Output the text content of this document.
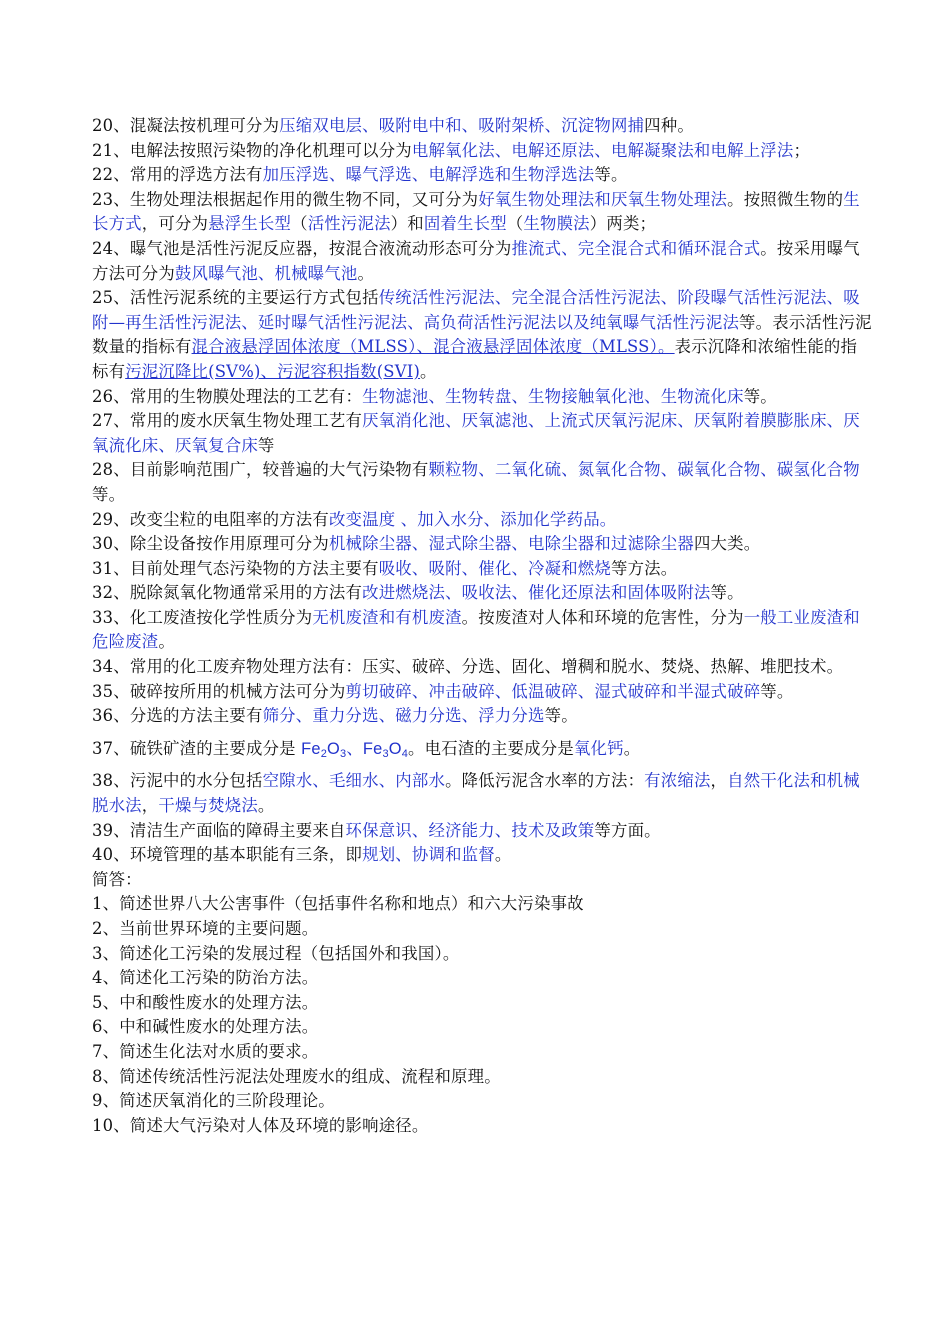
20、混凝法按机理可分为压缩双电层、吸附电中和、吸附架桥、沉淀物网捕四种。

21、电解法按照污染物的净化机理可以分为电解氧化法、电解还原法、电解凝聚法和电解上浮法；

22、常用的浮选方法有加压浮选、曝气浮选、电解浮选和生物浮选法等。

23、生物处理法根据起作用的微生物不同，又可分为好氧生物处理法和厌氧生物处理法。按照微生物的生长方式，可分为悬浮生长型（活性污泥法）和固着生长型（生物膜法）两类；

24、曝气池是活性污泥反应器，按混合液流动形态可分为推流式、完全混合式和循环混合式。按采用曝气方法可分为鼓风曝气池、机械曝气池。

25、活性污泥系统的主要运行方式包括传统活性污泥法、完全混合活性污泥法、阶段曝气活性污泥法、吸附—再生活性污泥法、延时曝气活性污泥法、高负荷活性污泥法以及纯氧曝气活性污泥法等。表示活性污泥数量的指标有混合液悬浮固体浓度（MLSS）、混合液悬浮固体浓度（MLSS）。表示沉降和浓缩性能的指标有污泥沉降比(SV%)、污泥容积指数(SVI)。

26、常用的生物膜处理法的工艺有：生物滤池、生物转盘、生物接触氧化池、生物流化床等。

27、常用的废水厌氧生物处理工艺有厌氧消化池、厌氧滤池、上流式厌氧污泥床、厌氧附着膜膨胀床、厌氧流化床、厌氧复合床等

28、目前影响范围广，较普遍的大气污染物有颗粒物、二氧化硫、氮氧化合物、碳氧化合物、碳氢化合物等。

29、改变尘粒的电阻率的方法有改变温度 、加入水分、添加化学药品。

30、除尘设备按作用原理可分为机械除尘器、湿式除尘器、电除尘器和过滤除尘器四大类。

31、目前处理气态污染物的方法主要有吸收、吸附、催化、冷凝和燃烧等方法。

32、脱除氮氧化物通常采用的方法有改进燃烧法、吸收法、催化还原法和固体吸附法等。

33、化工废渣按化学性质分为无机废渣和有机废渣。按废渣对人体和环境的危害性，分为一般工业废渣和危险废渣。

34、常用的化工废弃物处理方法有：压实、破碎、分选、固化、增稠和脱水、焚烧、热解、堆肥技术。

35、破碎按所用的机械方法可分为剪切破碎、冲击破碎、低温破碎、湿式破碎和半湿式破碎等。

36、分选的方法主要有筛分、重力分选、磁力分选、浮力分选等。

37、硫铁矿渣的主要成分是 $Fe_2O_3$、$Fe_3O_4$。电石渣的主要成分是氧化钙。

38、污泥中的水分包括空隙水、毛细水、内部水。降低污泥含水率的方法：有浓缩法，自然干化法和机械脱水法，干燥与焚烧法。

39、清洁生产面临的障碍主要来自环保意识、经济能力、技术及政策等方面。

40、环境管理的基本职能有三条，即规划、协调和监督。

简答：

1、简述世界八大公害事件（包括事件名称和地点）和六大污染事故

2、当前世界环境的主要问题。

3、简述化工污染的发展过程（包括国外和我国）。

4、简述化工污染的防治方法。

5、中和酸性废水的处理方法。

6、中和碱性废水的处理方法。

7、简述生化法对水质的要求。

8、简述传统活性污泥法处理废水的组成、流程和原理。

9、简述厌氧消化的三阶段理论。

10、简述大气污染对人体及环境的影响途径。
